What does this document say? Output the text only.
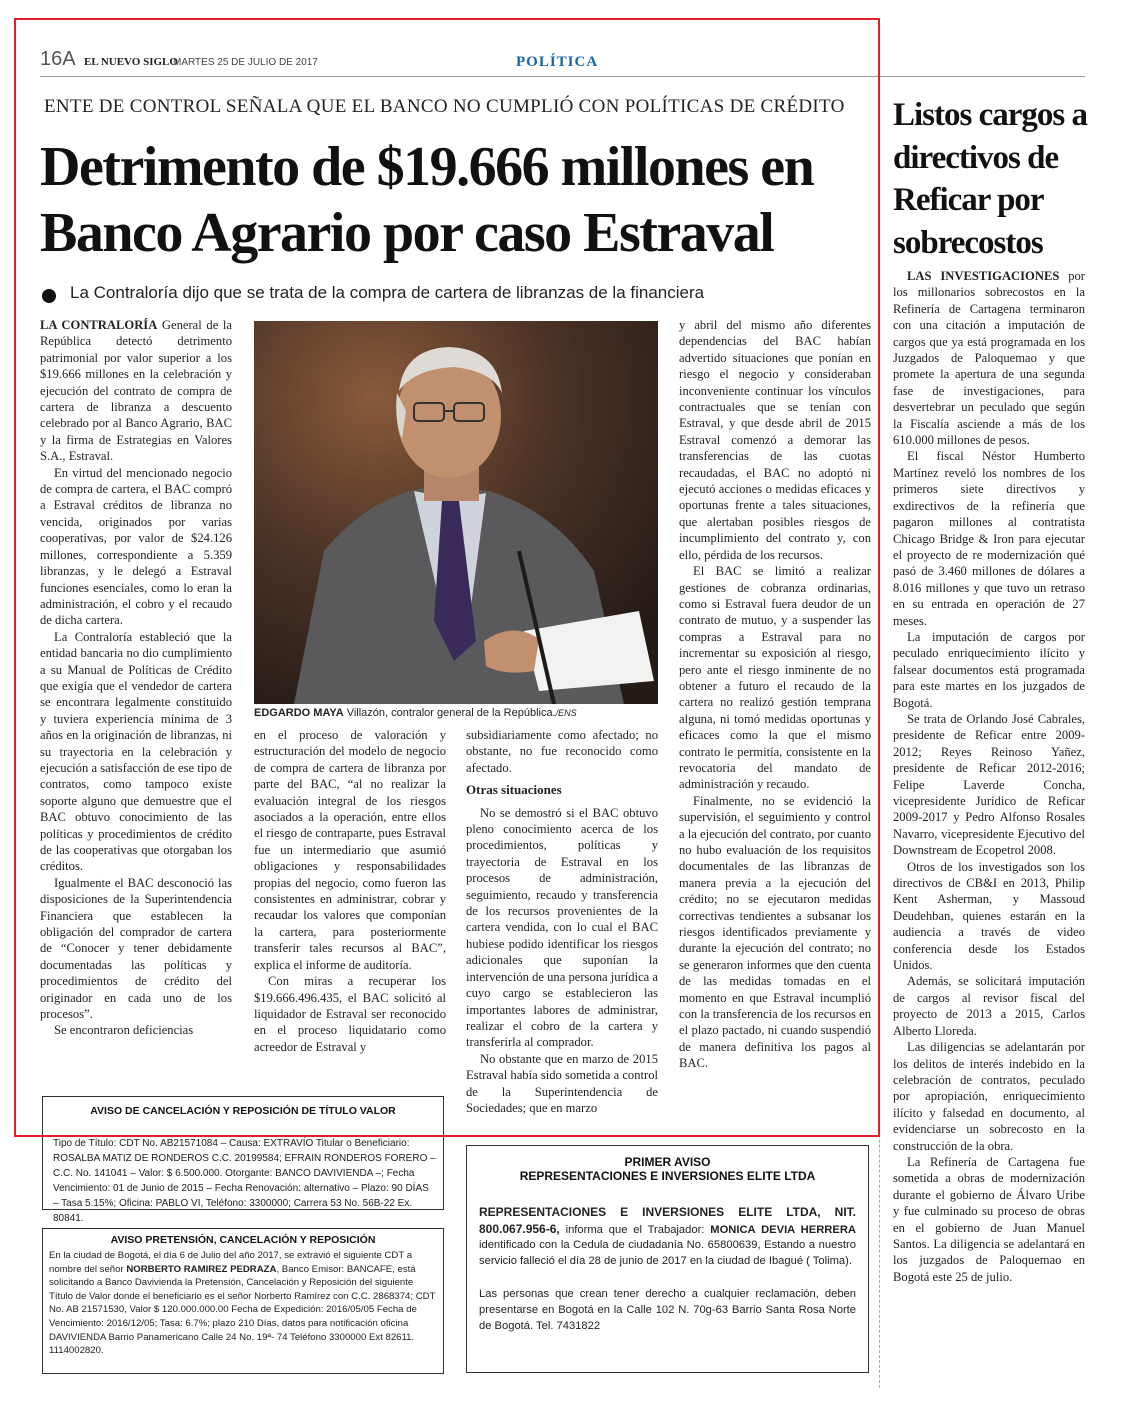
16A EL NUEVO SIGLO
MARTES 25 DE JULIO DE 2017	POLÍTICA
ENTE DE CONTROL SEÑALA QUE EL BANCO NO CUMPLIÓ CON POLÍTICAS DE CRÉDITO
Detrimento de $19.666 millones en Banco Agrario por caso Estraval
La Contraloría dijo que se trata de la compra de cartera de libranzas de la financiera

LA CONTRALORÍA General de la República detectó detrimento patrimonial por valor superior a los $19.666 millones en la celebración y ejecución del contrato de compra de cartera de libranza a descuento celebrado por al Banco Agrario, BAC y la firma de Estrategias en Valores S.A., Estraval.

En virtud del mencionado negocio de compra de cartera, el BAC compró a Estraval créditos de libranza no vencida, originados por varias cooperativas, por valor de $24.126 millones, correspondiente a 5.359 libranzas, y le delegó a Estraval funciones esenciales, como lo eran la administración, el cobro y el recaudo de dicha cartera.

La Contraloría estableció que la entidad bancaria no dio cumplimiento a su Manual de Políticas de Crédito que exigía que el vendedor de cartera se encontrara legalmente constituido y tuviera experiencia mínima de 3 años en la originación de libranzas, ni su trayectoria en la celebración y ejecución a satisfacción de ese tipo de contratos, como tampoco existe soporte alguno que demuestre que el BAC obtuvo conocimiento de las políticas y procedimientos de crédito de las cooperativas que otorgaban los créditos.

Igualmente el BAC desconoció las disposiciones de la Superintendencia Financiera que establecen la obligación del comprador de cartera de “Conocer y tener debidamente documentadas las políticas y procedimientos de crédito del originador en cada uno de los procesos”.

Se encontraron deficiencias

EDGARDO MAYA Villazón, contralor general de la República./ENS

en el proceso de valoración y estructuración del modelo de negocio de compra de cartera de libranza por parte del BAC, “al no realizar la evaluación integral de los riesgos asociados a la operación, entre ellos el riesgo de contraparte, pues Estraval fue un intermediario que asumió obligaciones y responsabilidades propias del negocio, como fueron las consistentes en administrar, cobrar y recaudar los valores que componían la cartera, para posteriormente transferir tales recursos al BAC”, explica el informe de auditoría.

Con miras a recuperar los $19.666.496.435, el BAC solicitó al liquidador de Estraval ser reconocido en el proceso liquidatario como acreedor de Estraval y

subsidiariamente como afectado; no obstante, no fue reconocido como afectado.

Otras situaciones

No se demostró si el BAC obtuvo pleno conocimiento acerca de los procedimientos, políticas y trayectoria de Estraval en los procesos de administración, seguimiento, recaudo y transferencia de los recursos provenientes de la cartera vendida, con lo cual el BAC hubiese podido identificar los riesgos adicionales que suponían la intervención de una persona jurídica a cuyo cargo se establecieron las importantes labores de administrar, realizar el cobro de la cartera y transferirla al comprador.

No obstante que en marzo de 2015 Estraval había sido sometida a control de la Superintendencia de Sociedades; que en marzo

y abril del mismo año diferentes dependencias del BAC habían advertido situaciones que ponían en riesgo el negocio y consideraban inconveniente continuar los vínculos contractuales que se tenían con Estraval, y que desde abril de 2015 Estraval comenzó a demorar las transferencias de las cuotas recaudadas, el BAC no adoptó ni ejecutó acciones o medidas eficaces y oportunas frente a tales situaciones, que alertaban posibles riesgos de incumplimiento del contrato y, con ello, pérdida de los recursos.

El BAC se limitó a realizar gestiones de cobranza ordinarias, como si Estraval fuera deudor de un contrato de mutuo, y a suspender las compras a Estraval para no incrementar su exposición al riesgo, pero ante el riesgo inminente de no obtener a futuro el recaudo de la cartera no realizó gestión temprana alguna, ni tomó medidas oportunas y eficaces como la que el mismo contrato le permitía, consistente en la revocatoria del mandato de administración y recaudo.

Finalmente, no se evidenció la supervisión, el seguimiento y control a la ejecución del contrato, por cuanto no hubo evaluación de los requisitos documentales de las libranzas de manera previa a la ejecución del crédito; no se ejecutaron medidas correctivas tendientes a subsanar los riesgos identificados previamente y durante la ejecución del contrato; no se generaron informes que den cuenta de las medidas tomadas en el momento en que Estraval incumplió con la transferencia de los recursos en el plazo pactado, ni cuando suspendió de manera definitiva los pagos al BAC.

Listos cargos a directivos de Reficar por sobrecostos

LAS INVESTIGACIONES por los millonarios sobrecostos en la Refinería de Cartagena terminaron con una citación a imputación de cargos que ya está programada en los Juzgados de Paloquemao y que promete la apertura de una segunda fase de investigaciones, para desvertebrar un peculado que según la Fiscalía asciende a más de los 610.000 millones de pesos.

El fiscal Néstor Humberto Martínez reveló los nombres de los primeros siete directivos y exdirectivos de la refinería que pagaron millones al contratista Chicago Bridge & Iron para ejecutar el proyecto de re modernización qué pasó de 3.460 millones de dólares a 8.016 millones y que tuvo un retraso en su entrada en operación de 27 meses.

La imputación de cargos por peculado enriquecimiento ilícito y falsear documentos está programada para este martes en los juzgados de Bogotá.

Se trata de Orlando José Cabrales, presidente de Reficar entre 2009-2012; Reyes Reinoso Yañez, presidente de Reficar 2012-2016; Felipe Laverde Concha, vicepresidente Jurídico de Reficar 2009-2017 y Pedro Alfonso Rosales Navarro, vicepresidente Ejecutivo del Downstream de Ecopetrol 2008.

Otros de los investigados son los directivos de CB&I en 2013, Philip Kent Asherman, y Massoud Deudehban, quienes estarán en la audiencia a través de video conferencia desde los Estados Unidos.

Además, se solicitará imputación de cargos al revisor fiscal del proyecto de 2013 a 2015, Carlos Alberto Lloreda.

Las diligencias se adelantarán por los delitos de interés indebido en la celebración de contratos, peculado por apropiación, enriquecimiento ilícito y falsedad en documento, al evidenciarse un sobrecosto en la construcción de la obra.

La Refinería de Cartagena fue sometida a obras de modernización durante el gobierno de Álvaro Uribe y fue culminado su proceso de obras en el gobierno de Juan Manuel Santos. La diligencia se adelantará en los juzgados de Paloquemao en Bogotá este 25 de julio.

AVISO DE CANCELACIÓN Y REPOSICIÓN DE TÍTULO VALOR
Tipo de Título: CDT No. AB21571084 – Causa: EXTRAVÍO Titular o Beneficiario: ROSALBA MATIZ DE RONDEROS C.C. 20199584; EFRAIN RONDEROS FORERO – C.C. No. 141041 – Valor: $ 6.500.000. Otorgante: BANCO DAVIVIENDA –; Fecha Vencimiento: 01 de Junio de 2015 – Fecha Renovación: alternativo – Plazo: 90 DÍAS – Tasa 5.15%; Oficina: PABLO VI, Teléfono: 3300000; Carrera 53 No. 56B-22 Ex. 80841.
AVISO PRETENSIÓN, CANCELACIÓN Y REPOSICIÓN
En la ciudad de Bogotá, el día 6 de Julio del año 2017, se extravió el siguiente CDT a nombre del señor NORBERTO RAMIREZ PEDRAZA, Banco Emisor: BANCAFE, está solicitando a Banco Davivienda la Pretensión, Cancelación y Reposición del siguiente Título de Valor donde el beneficiario es el señor Norberto Ramírez con C.C. 2868374; CDT No. AB 21571530, Valor $ 120.000.000.00 Fecha de Expedición: 2016/05/05 Fecha de Vencimiento: 2016/12/05; Tasa: 6.7%; plazo 210 Días, datos para notificación oficina DAVIVIENDA Barrio Panamericano Calle 24 No. 19ª- 74 Teléfono 3300000 Ext 82611. 1114002820.
PRIMER AVISO
REPRESENTACIONES E INVERSIONES ELITE LTDA
REPRESENTACIONES E INVERSIONES ELITE LTDA, NIT. 800.067.956-6, informa que el Trabajador: MONICA DEVIA HERRERA identificado con la Cedula de ciudadanía No. 65800639, Estando a nuestro servicio falleció el día 28 de junio de 2017 en la ciudad de Ibagué ( Tolima).
Las personas que crean tener derecho a cualquier reclamación, deben presentarse en Bogotá en la Calle 102 N. 70g-63 Barrio Santa Rosa Norte de Bogotá. Tel. 7431822
